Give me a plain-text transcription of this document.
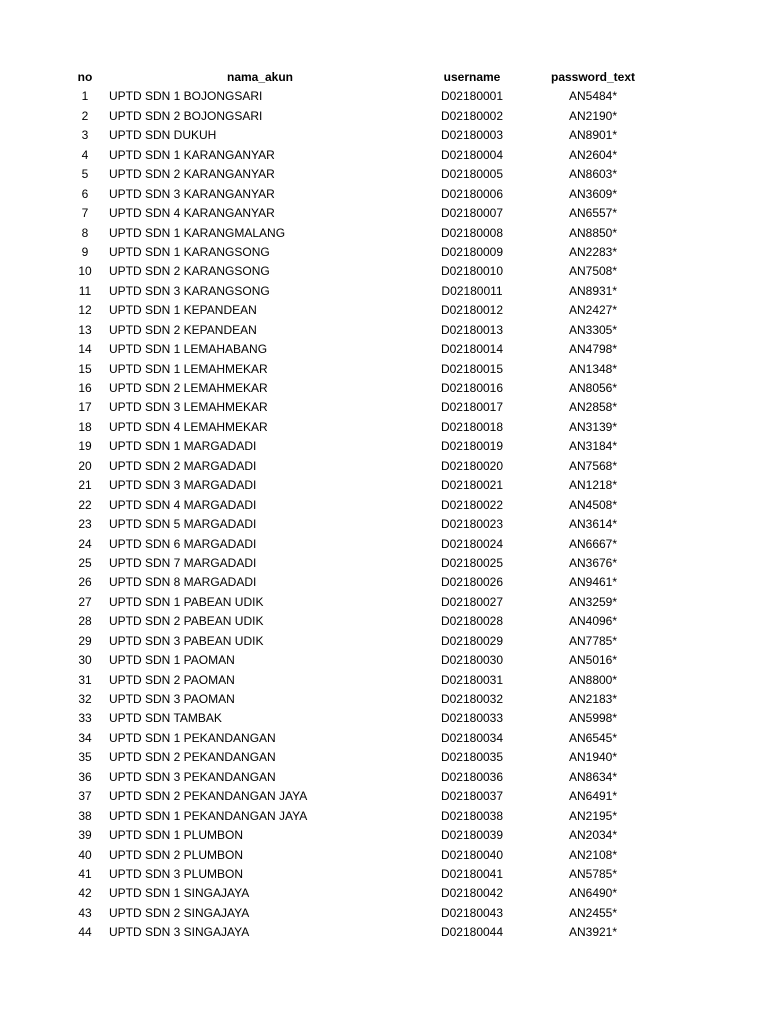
no	nama_akun	username	password_text
1	UPTD SDN 1 BOJONGSARI	D02180001	AN5484*
2	UPTD SDN 2 BOJONGSARI	D02180002	AN2190*
3	UPTD SDN DUKUH	D02180003	AN8901*
4	UPTD SDN 1 KARANGANYAR	D02180004	AN2604*
5	UPTD SDN 2 KARANGANYAR	D02180005	AN8603*
6	UPTD SDN 3 KARANGANYAR	D02180006	AN3609*
7	UPTD SDN 4 KARANGANYAR	D02180007	AN6557*
8	UPTD SDN 1 KARANGMALANG	D02180008	AN8850*
9	UPTD SDN 1 KARANGSONG	D02180009	AN2283*
10	UPTD SDN 2 KARANGSONG	D02180010	AN7508*
11	UPTD SDN 3 KARANGSONG	D02180011	AN8931*
12	UPTD SDN 1 KEPANDEAN	D02180012	AN2427*
13	UPTD SDN 2 KEPANDEAN	D02180013	AN3305*
14	UPTD SDN 1 LEMAHABANG	D02180014	AN4798*
15	UPTD SDN 1 LEMAHMEKAR	D02180015	AN1348*
16	UPTD SDN 2 LEMAHMEKAR	D02180016	AN8056*
17	UPTD SDN 3 LEMAHMEKAR	D02180017	AN2858*
18	UPTD SDN 4 LEMAHMEKAR	D02180018	AN3139*
19	UPTD SDN 1 MARGADADI	D02180019	AN3184*
20	UPTD SDN 2 MARGADADI	D02180020	AN7568*
21	UPTD SDN 3 MARGADADI	D02180021	AN1218*
22	UPTD SDN 4 MARGADADI	D02180022	AN4508*
23	UPTD SDN 5 MARGADADI	D02180023	AN3614*
24	UPTD SDN 6 MARGADADI	D02180024	AN6667*
25	UPTD SDN 7 MARGADADI	D02180025	AN3676*
26	UPTD SDN 8 MARGADADI	D02180026	AN9461*
27	UPTD SDN 1 PABEAN UDIK	D02180027	AN3259*
28	UPTD SDN 2 PABEAN UDIK	D02180028	AN4096*
29	UPTD SDN 3 PABEAN UDIK	D02180029	AN7785*
30	UPTD SDN 1 PAOMAN	D02180030	AN5016*
31	UPTD SDN 2 PAOMAN	D02180031	AN8800*
32	UPTD SDN 3 PAOMAN	D02180032	AN2183*
33	UPTD SDN TAMBAK	D02180033	AN5998*
34	UPTD SDN 1 PEKANDANGAN	D02180034	AN6545*
35	UPTD SDN 2 PEKANDANGAN	D02180035	AN1940*
36	UPTD SDN 3 PEKANDANGAN	D02180036	AN8634*
37	UPTD SDN 2 PEKANDANGAN JAYA	D02180037	AN6491*
38	UPTD SDN 1 PEKANDANGAN JAYA	D02180038	AN2195*
39	UPTD SDN 1 PLUMBON	D02180039	AN2034*
40	UPTD SDN 2 PLUMBON	D02180040	AN2108*
41	UPTD SDN 3 PLUMBON	D02180041	AN5785*
42	UPTD SDN 1 SINGAJAYA	D02180042	AN6490*
43	UPTD SDN 2 SINGAJAYA	D02180043	AN2455*
44	UPTD SDN 3 SINGAJAYA	D02180044	AN3921*
